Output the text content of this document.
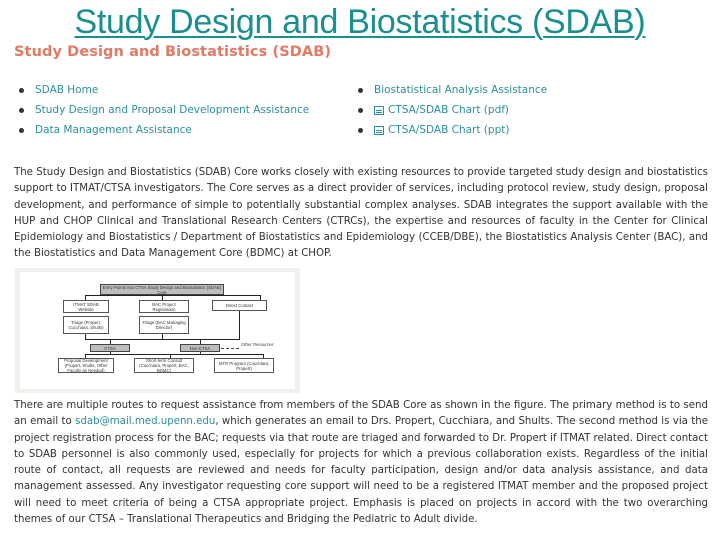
Study Design and Biostatistics (SDAB)
Study Design and Biostatistics (SDAB)
SDAB Home
Study Design and Proposal Development Assistance
Data Management Assistance
Biostatistical Analysis Assistance
CTSA/SDAB Chart (pdf)
CTSA/SDAB Chart (ppt)
The Study Design and Biostatistics (SDAB) Core works closely with existing resources to provide targeted study design and biostatistics support to ITMAT/CTSA investigators. The Core serves as a direct provider of services, including protocol review, study design, proposal development, and performance of simple to potentially substantial complex analyses. SDAB integrates the support available with the HUP and CHOP Clinical and Translational Research Centers (CTRCs), the expertise and resources of faculty in the Center for Clinical Epidemiology and Biostatistics / Department of Biostatistics and Epidemiology (CCEB/DBE), the Biostatistics Analysis Center (BAC), and the Biostatistics and Data Management Core (BDMC) at CHOP.
Entry Points into CTSA Study Design and Biostatistics (SDAB) Core
ITMAT SDAB Website
BAC Project Registration
Direct Contact
Triage (Propert, Cucchiara, Shults)
Triage (BAC Managing Director)
CTSA	Non-CTSA
Other Resources
Proposal Development (Propert, Shults, Other Faculty as Needed)
Short-term Consult (Cucchiara, Propert, BAC, BDMC)
MTR Program (Cucchiara, Propert)
There are multiple routes to request assistance from members of the SDAB Core as shown in the figure. The primary method is to send an email to sdab@mail.med.upenn.edu, which generates an email to Drs. Propert, Cucchiara, and Shults. The second method is via the project registration process for the BAC; requests via that route are triaged and forwarded to Dr. Propert if ITMAT related. Direct contact to SDAB personnel is also commonly used, especially for projects for which a previous collaboration exists. Regardless of the initial route of contact, all requests are reviewed and needs for faculty participation, design and/or data analysis assistance, and data management assessed. Any investigator requesting core support will need to be a registered ITMAT member and the proposed project will need to meet criteria of being a CTSA appropriate project. Emphasis is placed on projects in accord with the two overarching themes of our CTSA – Translational Therapeutics and Bridging the Pediatric to Adult divide.
